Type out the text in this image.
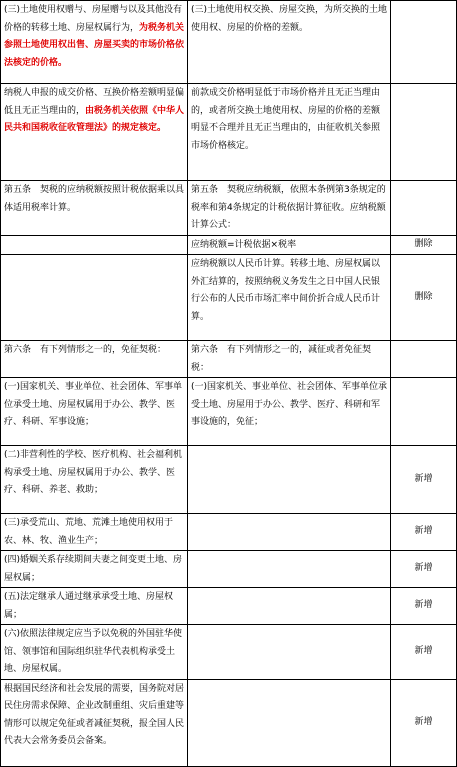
(三)土地使用权赠与、房屋赠与以及其他没有价格的转移土地、房屋权属行为，为税务机关参照土地使用权出售、房屋买卖的市场价格依法核定的价格。	(三)土地使用权交换、房屋交换，为所交换的土地使用权、房屋的价格的差额。	
纳税人申报的成交价格、互换价格差额明显偏低且无正当理由的，由税务机关依照《中华人民共和国税收征收管理法》的规定核定。	前款成交价格明显低于市场价格并且无正当理由的，或者所交换土地使用权、房屋的价格的差额明显不合理并且无正当理由的，由征收机关参照市场价格核定。	
第五条　契税的应纳税额按照计税依据乘以具体适用税率计算。	第五条　契税应纳税额，依照本条例第3条规定的税率和第4条规定的计税依据计算征收。应纳税额计算公式：	
	应纳税额=计税依据×税率	删除
	应纳税额以人民币计算。转移土地、房屋权属以外汇结算的，按照纳税义务发生之日中国人民银行公布的人民币市场汇率中间价折合成人民币计算。	删除
第六条　有下列情形之一的，免征契税：	第六条　有下列情形之一的，减征或者免征契税：	
(一)国家机关、事业单位、社会团体、军事单位承受土地、房屋权属用于办公、教学、医疗、科研、军事设施；	(一)国家机关、事业单位、社会团体、军事单位承受土地、房屋用于办公、教学、医疗、科研和军事设施的，免征；	
(二)非营利性的学校、医疗机构、社会福利机构承受土地、房屋权属用于办公、教学、医疗、科研、养老、救助；		新增
(三)承受荒山、荒地、荒滩土地使用权用于农、林、牧、渔业生产；		新增
(四)婚姻关系存续期间夫妻之间变更土地、房屋权属；		新增
(五)法定继承人通过继承承受土地、房屋权属；		新增
(六)依照法律规定应当予以免税的外国驻华使馆、领事馆和国际组织驻华代表机构承受土地、房屋权属。		新增
根据国民经济和社会发展的需要，国务院对居民住房需求保障、企业改制重组、灾后重建等情形可以规定免征或者减征契税，报全国人民代表大会常务委员会备案。		新增
